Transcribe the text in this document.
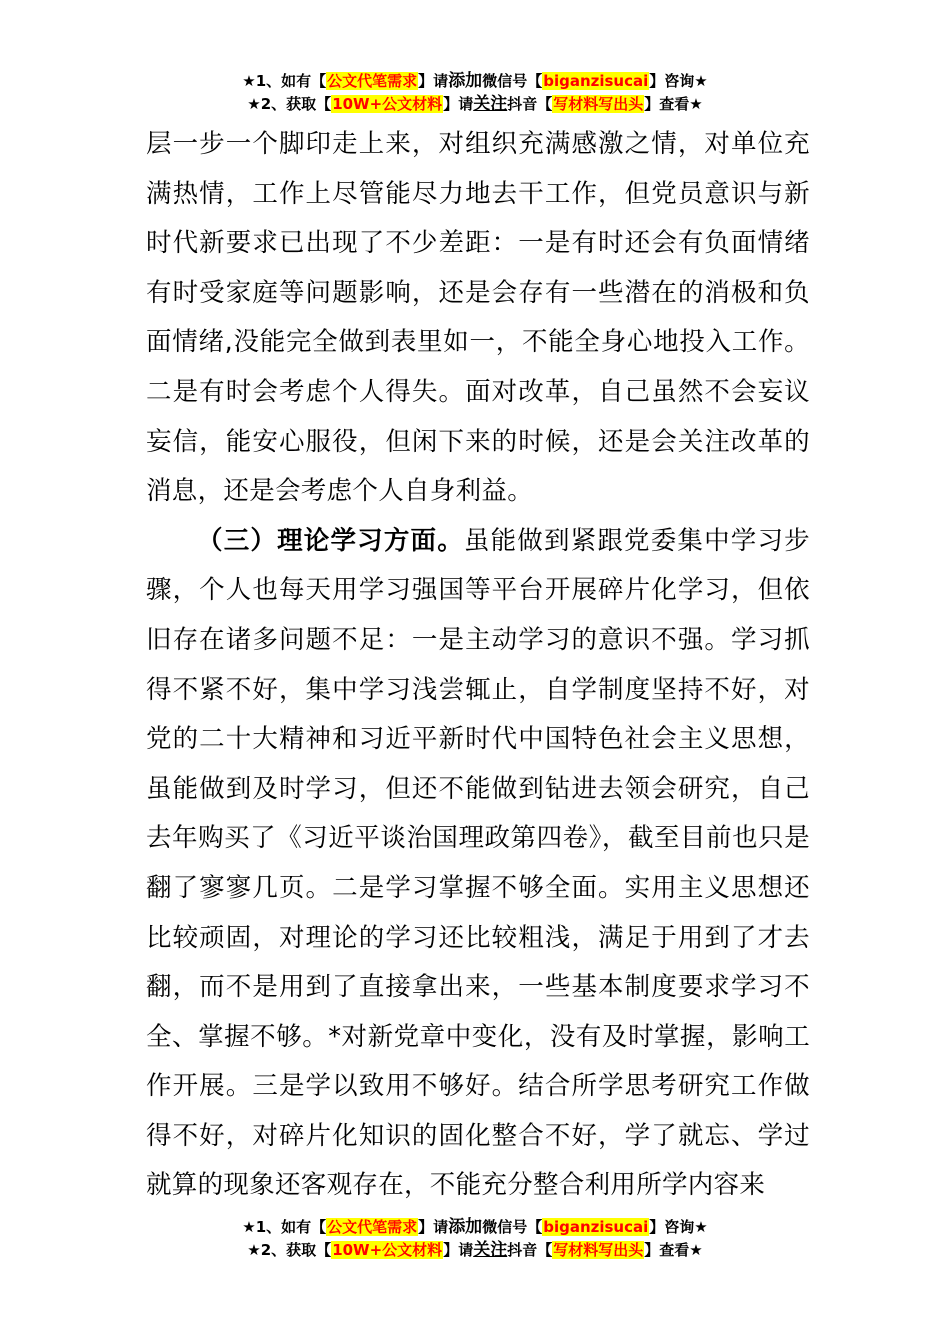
★1、如有【公文代笔需求】请添加微信号【biganzisucai】咨询★
★2、获取【10W+公文材料】请关注抖音【写材料写出头】查看★

层一步一个脚印走上来，对组织充满感激之情，对单位充满热情，工作上尽管能尽力地去干工作，但党员意识与新时代新要求已出现了不少差距：一是有时还会有负面情绪有时受家庭等问题影响，还是会存有一些潜在的消极和负面情绪,没能完全做到表里如一，不能全身心地投入工作。二是有时会考虑个人得失。面对改革，自己虽然不会妄议妄信，能安心服役，但闲下来的时候，还是会关注改革的消息，还是会考虑个人自身利益。

（三）理论学习方面。虽能做到紧跟党委集中学习步骤，个人也每天用学习强国等平台开展碎片化学习，但依旧存在诸多问题不足：一是主动学习的意识不强。学习抓得不紧不好，集中学习浅尝辄止，自学制度坚持不好，对党的二十大精神和习近平新时代中国特色社会主义思想，虽能做到及时学习，但还不能做到钻进去领会研究，自己去年购买了《习近平谈治国理政第四卷》，截至目前也只是翻了寥寥几页。二是学习掌握不够全面。实用主义思想还比较顽固，对理论的学习还比较粗浅，满足于用到了才去翻，而不是用到了直接拿出来，一些基本制度要求学习不全、掌握不够。*对新党章中变化，没有及时掌握，影响工作开展。三是学以致用不够好。结合所学思考研究工作做得不好，对碎片化知识的固化整合不好，学了就忘、学过就算的现象还客观存在，不能充分整合利用所学内容来

★1、如有【公文代笔需求】请添加微信号【biganzisucai】咨询★
★2、获取【10W+公文材料】请关注抖音【写材料写出头】查看★
